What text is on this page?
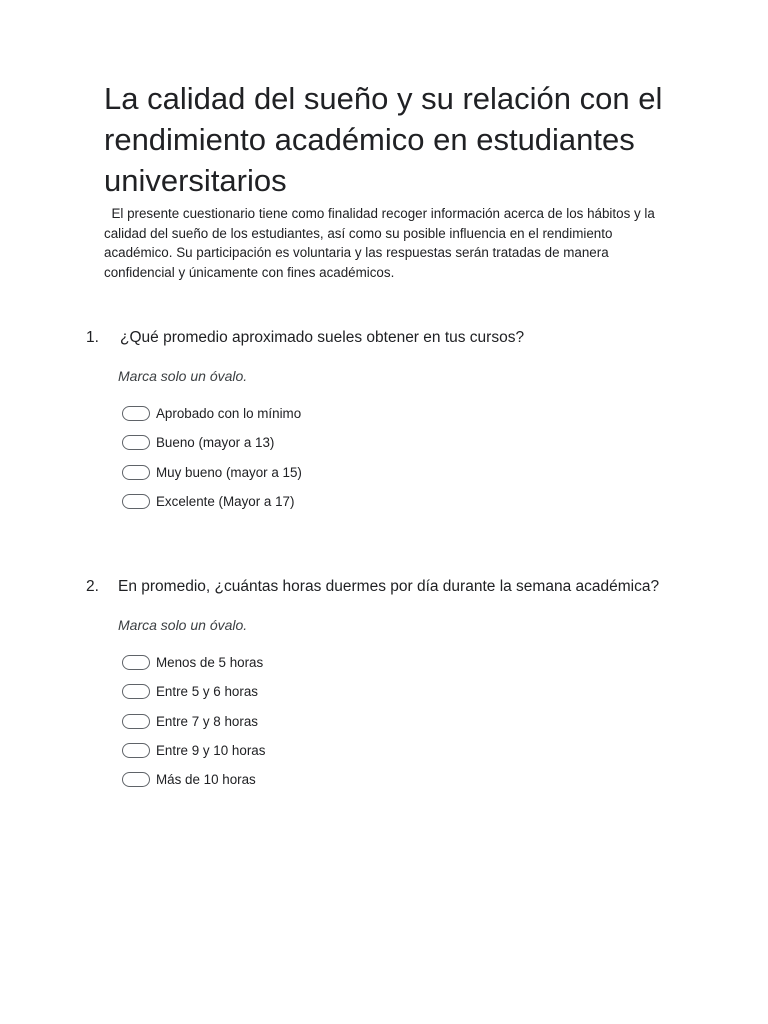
La calidad del sueño y su relación con el rendimiento académico en estudiantes universitarios

El presente cuestionario tiene como finalidad recoger información acerca de los hábitos y la calidad del sueño de los estudiantes, así como su posible influencia en el rendimiento académico. Su participación es voluntaria y las respuestas serán tratadas de manera confidencial y únicamente con fines académicos.

1. ¿Qué promedio aproximado sueles obtener en tus cursos?
Marca solo un óvalo.
Aprobado con lo mínimo
Bueno (mayor a 13)
Muy bueno (mayor a 15)
Excelente (Mayor a 17)
2. En promedio, ¿cuántas horas duermes por día durante la semana académica?
Marca solo un óvalo.
Menos de 5 horas
Entre 5 y 6 horas
Entre 7 y 8 horas
Entre 9 y 10 horas
Más de 10 horas
